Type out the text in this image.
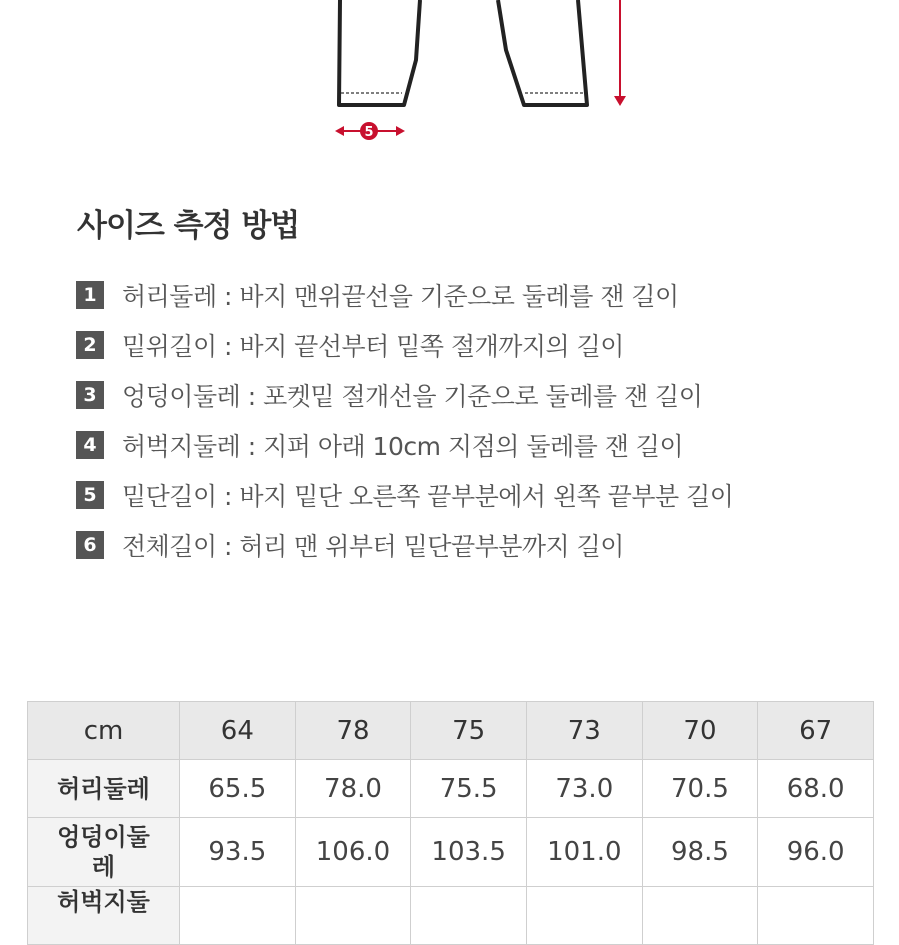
5
사이즈 측정 방법
1 허리둘레 : 바지 맨위끝선을 기준으로 둘레를 잰 길이
2 밑위길이 : 바지 끝선부터 밑쪽 절개까지의 길이
3 엉덩이둘레 : 포켓밑 절개선을 기준으로 둘레를 잰 길이
4 허벅지둘레 : 지퍼 아래 10cm 지점의 둘레를 잰 길이
5 밑단길이 : 바지 밑단 오른쪽 끝부분에서 왼쪽 끝부분 길이
6 전체길이 : 허리 맨 위부터 밑단끝부분까지 길이
cm	64	78	75	73	70	67
허리둘레	65.5	78.0	75.5	73.0	70.5	68.0
엉덩이둘레	93.5	106.0	103.5	101.0	98.5	96.0
허벅지둘						
